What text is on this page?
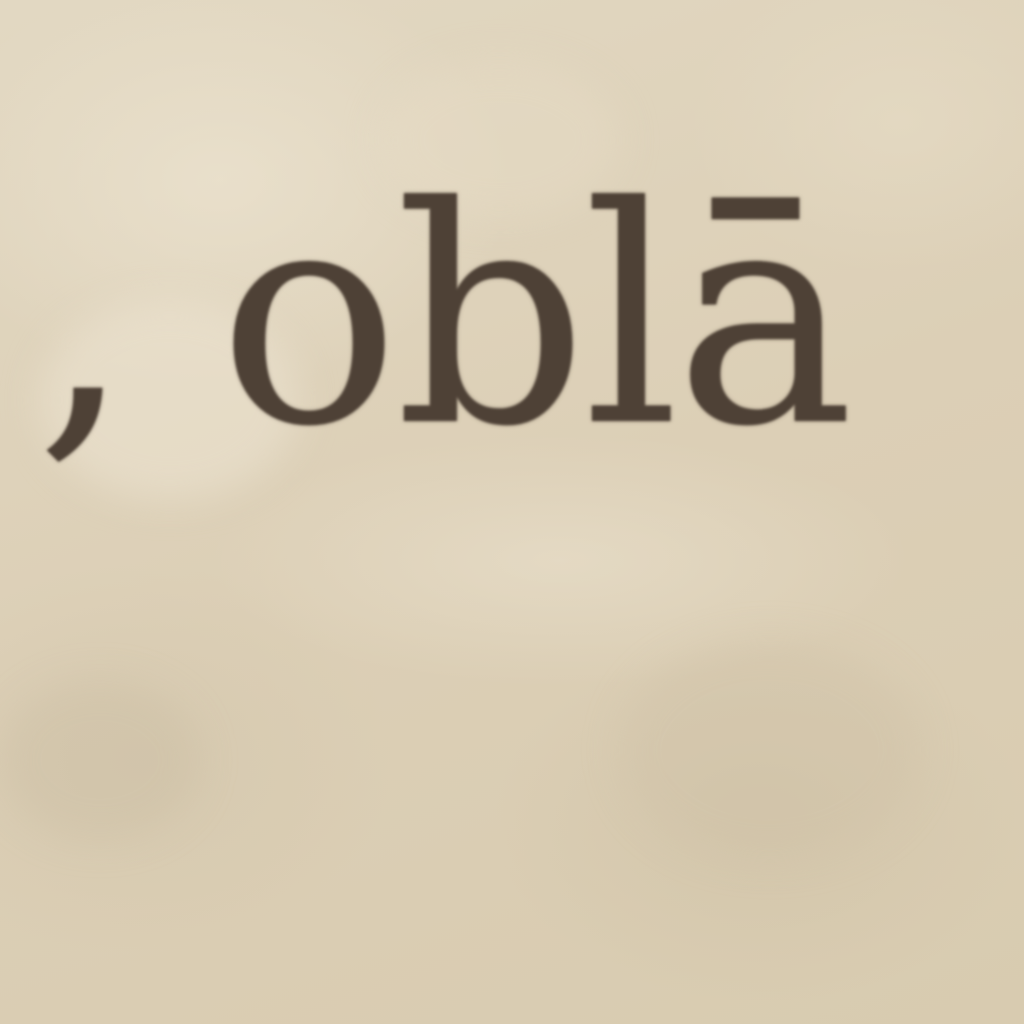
, oblā
